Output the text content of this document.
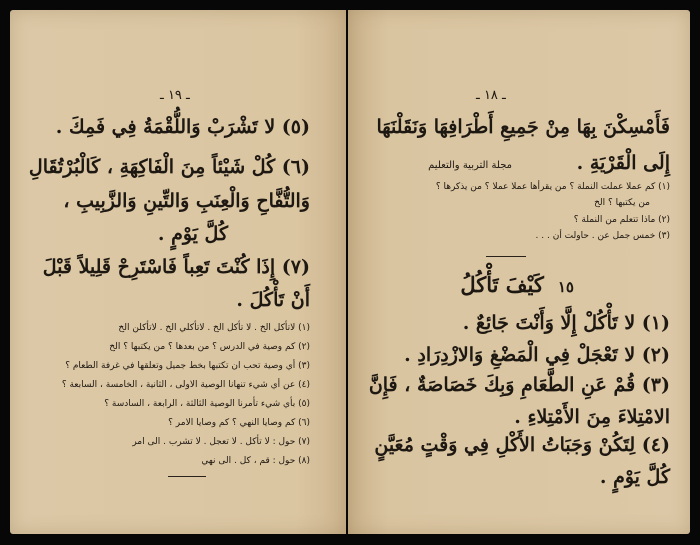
ـ ١٩ ـ
(٥) لا تَشْرَبْ وَاللُّقْمَةُ فِي فَمِكَ .
(٦) كُلْ شَيْئاً مِنَ الْفَاكِهَةِ ، كَالْبُرْتُقَالِ
وَالتُّفَّاحِ وَالْعِنَبِ وَالتِّينِ وَالزَّبِيبِ ،
كُلَّ يَوْمٍ .
(٧) إِذَا كُنْتَ تَعِباً فَاسْتَرِحْ قَلِيلاً قَبْلَ
أَنْ تَأْكُلَ .
(١) لاتأكل الخ . لا تأكل الخ . لاتأكلي الخ . لاتأكلن الخ
(٢) كم وصية في الدرس ؟ من بعدها ؟ من يكتبها ؟ الخ
(٣) أي وصية تحب ان تكتبها بخط جميل وتعلقها في غرفة الطعام ؟
(٤) عن أي شيء تنهانا الوصية الاولى ، الثانية ، الخامسة ، السابعة ؟
(٥) بأي شيء تأمرنا الوصية الثالثة ، الرابعة ، السادسة ؟
(٦) كم وصايا النهي ؟ كم وصايا الامر ؟
(٧) حول : لا تأكل . لا تعجل . لا تشرب . الى امر
(٨) حول : قم ، كل . الى نهي
ـ ١٨ ـ
فَأَمْسِكْنَ بِهَا مِنْ جَمِيعِ أَطْرَافِهَا وَنَقَلْنَهَا
إِلَى الْقَرْيَةِ .
مجلة التربية والتعليم
(١) كم عملا عملت النملة ؟ من يقرأها عملا عملا ؟ من يذكرها ؟
من يكتبها ؟ الخ
(٢) ماذا تتعلم من النملة ؟
(٣) خمس جمل عن . حاولت أن . . .
١٥كَيْفَ تَأْكُلُ
(١) لا تَأْكُلْ إِلَّا وَأَنْتَ جَائِعٌ .
(٢) لا تَعْجَلْ فِي الْمَضْغِ وَالازْدِرَادِ .
(٣) قُمْ عَنِ الطَّعَامِ وَبِكَ خَصَاصَةٌ ، فَإِنَّ
الامْتِلاءَ مِنَ الأَمْتِلاءِ .
(٤) لِتَكُنْ وَجَبَاتُ الأَكْلِ فِي وَقْتٍ مُعَيَّنٍ
كُلَّ يَوْمٍ .
